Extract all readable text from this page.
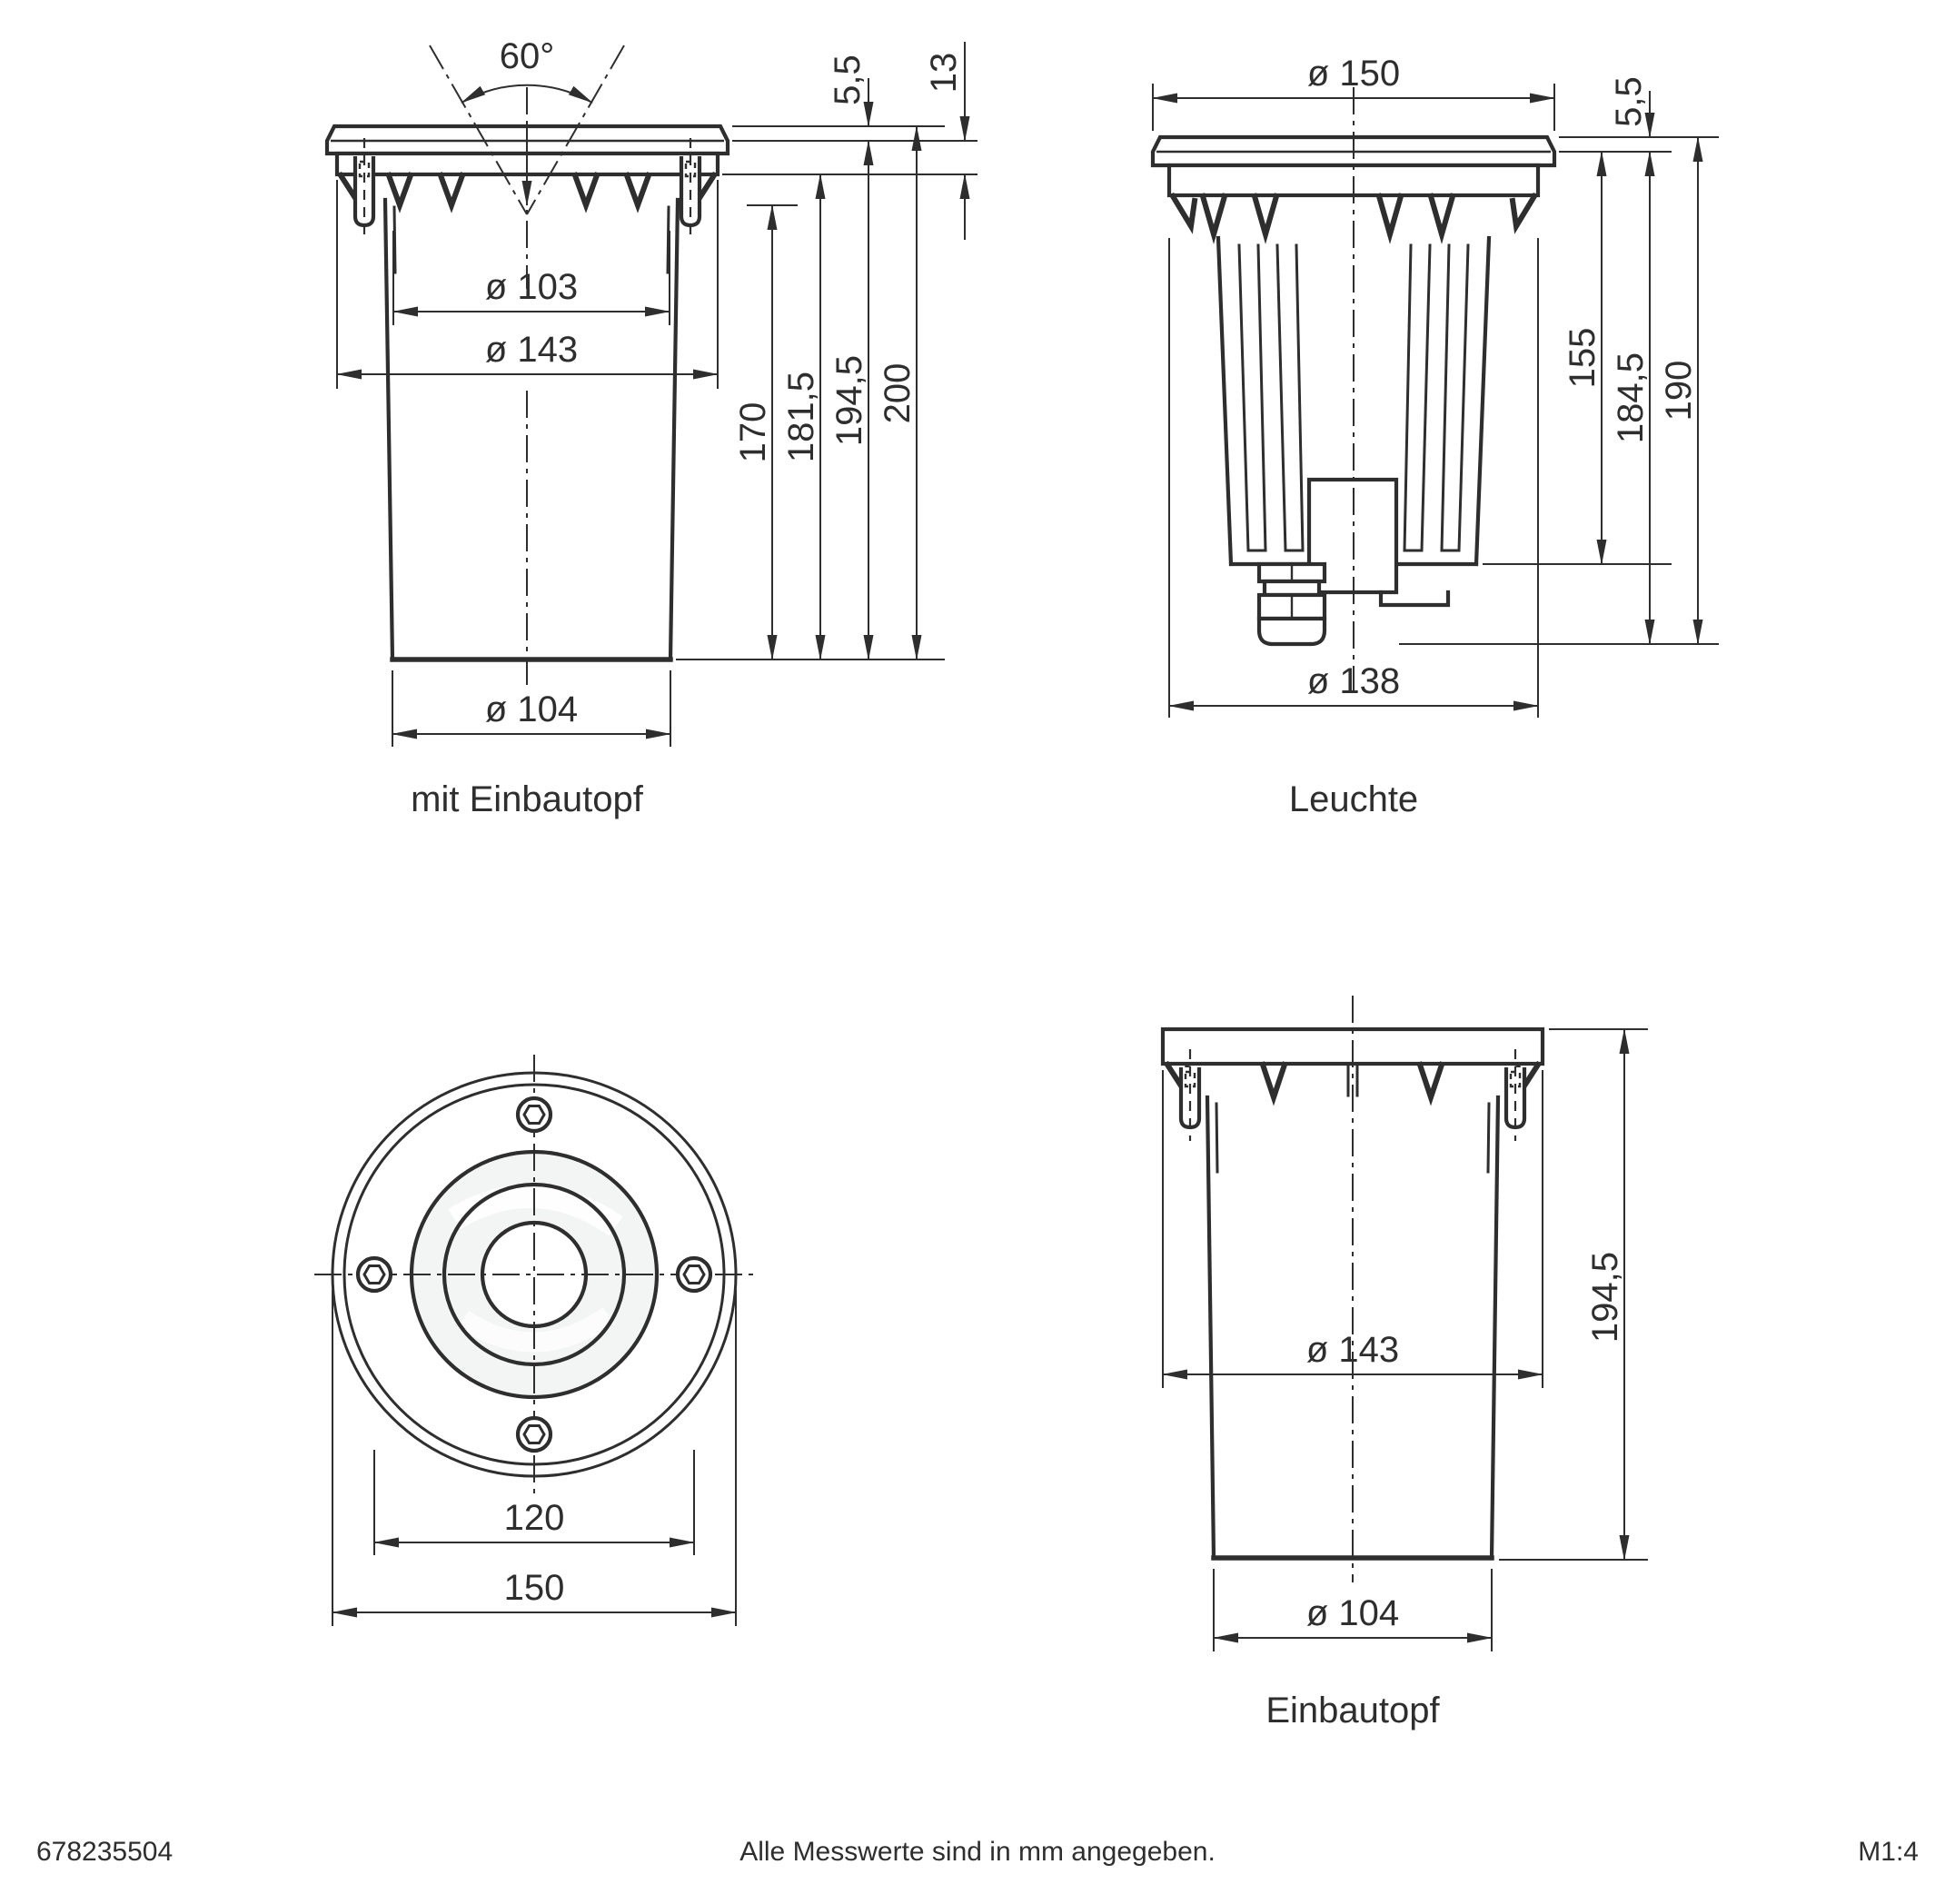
60°
ø 103
ø 143
ø 104
170 181,5 194,5 200
5,5 13
mit Einbautopf
ø 150
ø 138
155 184,5 190
5,5
Leuchte
120
150
ø 143
ø 104
194,5
Einbautopf
678235504	Alle Messwerte sind in mm angegeben.	M1:4
